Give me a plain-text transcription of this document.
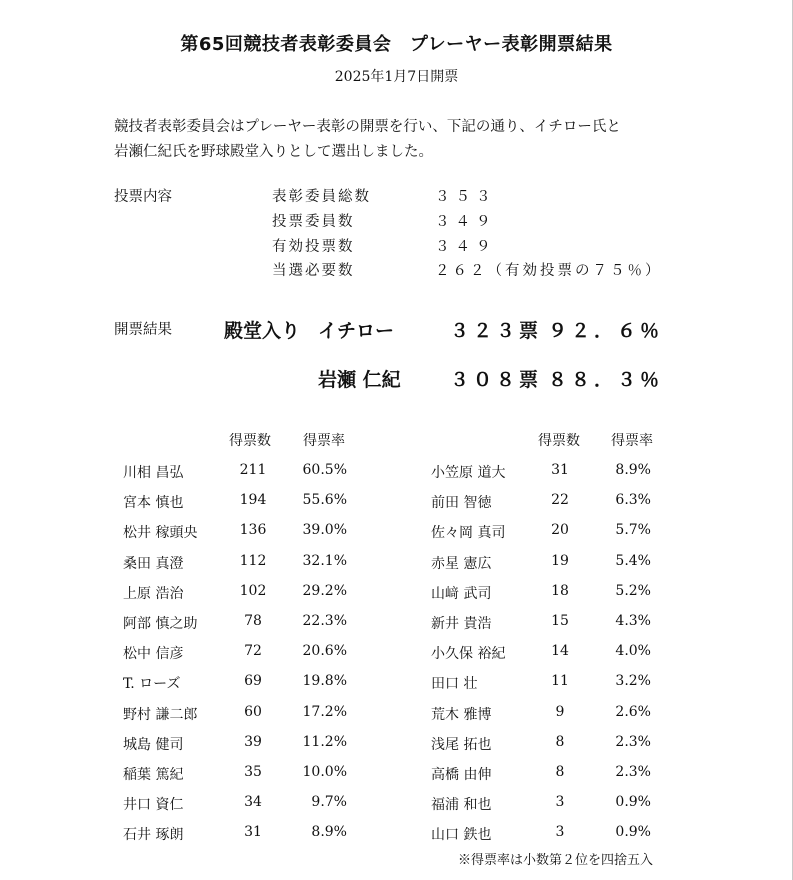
第65回競技者表彰委員会　プレーヤー表彰開票結果
2025年1月7日開票
競技者表彰委員会はプレーヤー表彰の開票を行い、下記の通り、イチロー氏と
岩瀬仁紀氏を野球殿堂入りとして選出しました。
投票内容	表彰委員総数	３５３
投票委員数	３４９
有効投票数	３４９
当選必要数	２６２（有効投票の７５％）
開票結果	殿堂入り イチロー	３２３票 ９２．６％
岩瀬 仁紀	３０８票 ８８．３％
得票数 得票率	得票数 得票率
川相 昌弘	211	60.5%
宮本 慎也	194	55.6%
松井 稼頭央	136	39.0%
桑田 真澄	112	32.1%
上原 浩治	102	29.2%
阿部 慎之助	78	22.3%
松中 信彦	72	20.6%
T. ローズ	69	19.8%
野村 謙二郎	60	17.2%
城島 健司	39	11.2%
稲葉 篤紀	35	10.0%
井口 資仁	34	9.7%
石井 琢朗	31	8.9%
小笠原 道大	31	8.9%
前田 智徳	22	6.3%
佐々岡 真司	20	5.7%
赤星 憲広	19	5.4%
山﨑 武司	18	5.2%
新井 貴浩	15	4.3%
小久保 裕紀	14	4.0%
田口 壮	11	3.2%
荒木 雅博	9	2.6%
浅尾 拓也	8	2.3%
高橋 由伸	8	2.3%
福浦 和也	3	0.9%
山口 鉄也	3	0.9%
※得票率は小数第２位を四捨五入
